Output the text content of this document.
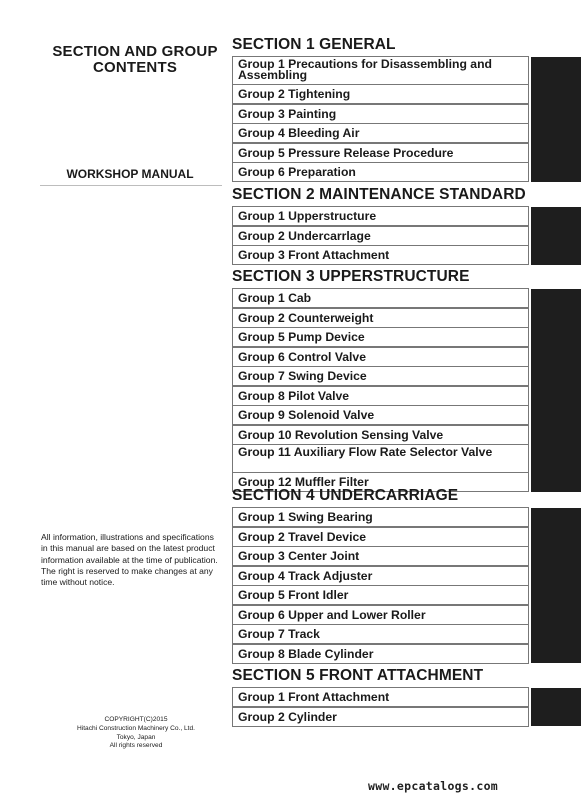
SECTION AND GROUP
CONTENTS
WORKSHOP MANUAL
All information, illustrations and specifications in this manual are based on the latest product information available at the time of publication. The right is reserved to make changes at any time without notice.
COPYRIGHT(C)2015
Hitachi Construction Machinery Co., Ltd.
Tokyo, Japan
All rights reserved
www.epcatalogs.com
SECTION 1 GENERAL
Group 1 Precautions for Disassembling and Assembling
Group 2 Tightening
Group 3 Painting
Group 4 Bleeding Air
Group 5 Pressure Release Procedure
Group 6 Preparation
SECTION 2 MAINTENANCE STANDARD
Group 1 Upperstructure
Group 2 Undercarrlage
Group 3 Front Attachment
SECTION 3 UPPERSTRUCTURE
Group 1 Cab
Group 2 Counterweight
Group 5 Pump Device
Group 6 Control Valve
Group 7 Swing Device
Group 8 Pilot Valve
Group 9 Solenoid Valve
Group 10 Revolution Sensing Valve
Group 11 Auxiliary Flow Rate Selector Valve
Group 12 Muffler Filter
SECTION 4 UNDERCARRIAGE
Group 1 Swing Bearing
Group 2 Travel Device
Group 3 Center Joint
Group 4 Track Adjuster
Group 5 Front Idler
Group 6 Upper and Lower Roller
Group 7 Track
Group 8 Blade Cylinder
SECTION 5 FRONT ATTACHMENT
Group 1 Front Attachment
Group 2 Cylinder
